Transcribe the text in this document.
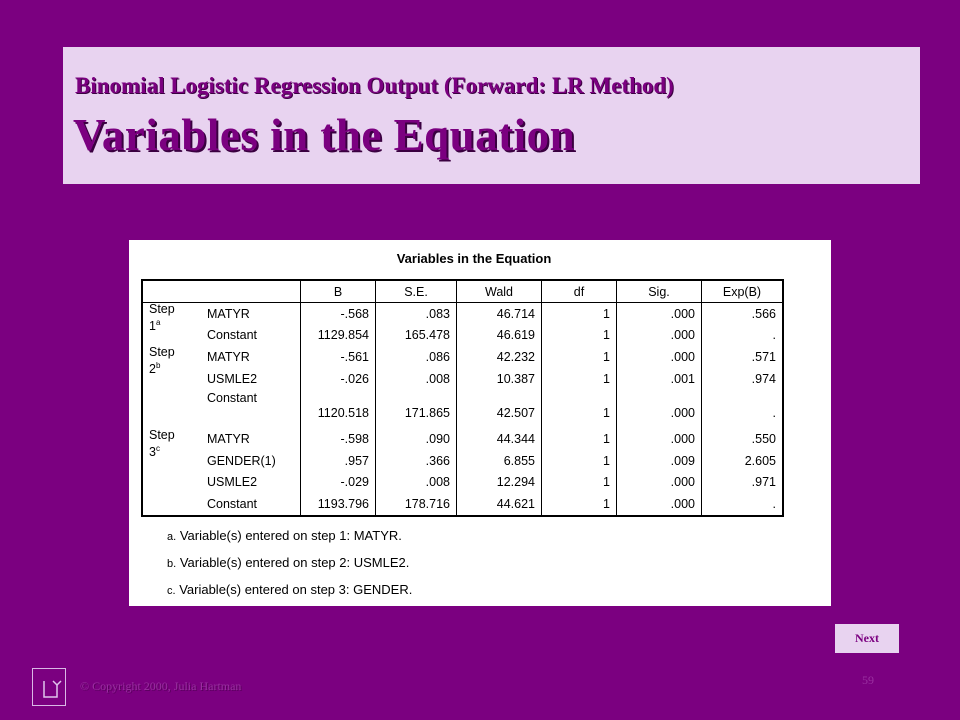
Binomial Logistic Regression Output (Forward: LR Method)
Variables in the Equation
Variables in the Equation
		B	S.E.	Wald	df	Sig.	Exp(B)
Step
1$^a$	MATYR	-.568	.083	46.714	1	.000	.566
	Constant	1129.854	165.478	46.619	1	.000	.
Step
2$^b$	MATYR	-.561	.086	42.232	1	.000	.571
	USMLE2	-.026	.008	10.387	1	.001	.974
	Constant	1120.518	171.865	42.507	1	.000	.
Step
3$^c$	MATYR	-.598	.090	44.344	1	.000	.550
	GENDER(1)	.957	.366	6.855	1	.009	2.605
	USMLE2	-.029	.008	12.294	1	.000	.971
	Constant	1193.796	178.716	44.621	1	.000	.
a. Variable(s) entered on step 1: MATYR.
b. Variable(s) entered on step 2: USMLE2.
c. Variable(s) entered on step 3: GENDER.
Next
© Copyright 2000, Julia Hartman	59
